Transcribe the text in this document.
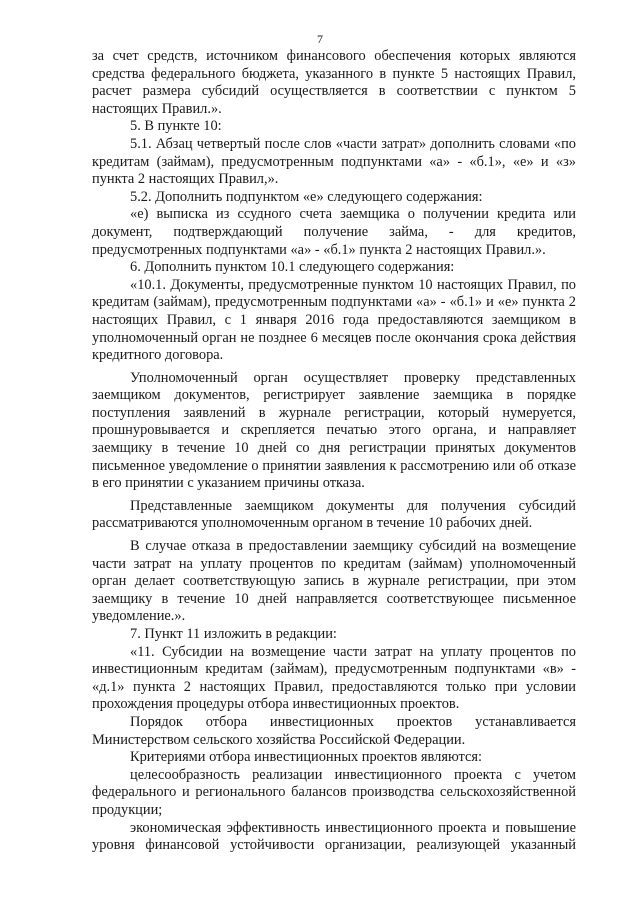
7

за счет средств, источником финансового обеспечения которых являются средства федерального бюджета, указанного в пункте 5 настоящих Правил, расчет размера субсидий осуществляется в соответствии с пунктом 5 настоящих Правил.».

5. В пункте 10:

5.1. Абзац четвертый после слов «части затрат» дополнить словами «по кредитам (займам), предусмотренным подпунктами «а» - «б.1», «е» и «з» пункта 2 настоящих Правил,».

5.2. Дополнить подпунктом «е» следующего содержания:

«е) выписка из ссудного счета заемщика о получении кредита или документ, подтверждающий получение займа, - для кредитов, предусмотренных подпунктами «а» - «б.1» пункта 2 настоящих Правил.».

6. Дополнить пунктом 10.1 следующего содержания:

«10.1. Документы, предусмотренные пунктом 10 настоящих Правил, по кредитам (займам), предусмотренным подпунктами «а» - «б.1» и «е» пункта 2 настоящих Правил, с 1 января 2016 года предоставляются заемщиком в уполномоченный орган не позднее 6 месяцев после окончания срока действия кредитного договора.

Уполномоченный орган осуществляет проверку представленных заемщиком документов, регистрирует заявление заемщика в порядке поступления заявлений в журнале регистрации, который нумеруется, прошнуровывается и скрепляется печатью этого органа, и направляет заемщику в течение 10 дней со дня регистрации принятых документов письменное уведомление о принятии заявления к рассмотрению или об отказе в его принятии с указанием причины отказа.

Представленные заемщиком документы для получения субсидий рассматриваются уполномоченным органом в течение 10 рабочих дней.

В случае отказа в предоставлении заемщику субсидий на возмещение части затрат на уплату процентов по кредитам (займам) уполномоченный орган делает соответствующую запись в журнале регистрации, при этом заемщику в течение 10 дней направляется соответствующее письменное уведомление.».

7. Пункт 11 изложить в редакции:

«11. Субсидии на возмещение части затрат на уплату процентов по инвестиционным кредитам (займам), предусмотренным подпунктами «в» - «д.1» пункта 2 настоящих Правил, предоставляются только при условии прохождения процедуры отбора инвестиционных проектов.

Порядок отбора инвестиционных проектов устанавливается Министерством сельского хозяйства Российской Федерации.

Критериями отбора инвестиционных проектов являются:

целесообразность реализации инвестиционного проекта с учетом федерального и регионального балансов производства сельскохозяйственной продукции;

экономическая эффективность инвестиционного проекта и повышение уровня финансовой устойчивости организации, реализующей указанный
